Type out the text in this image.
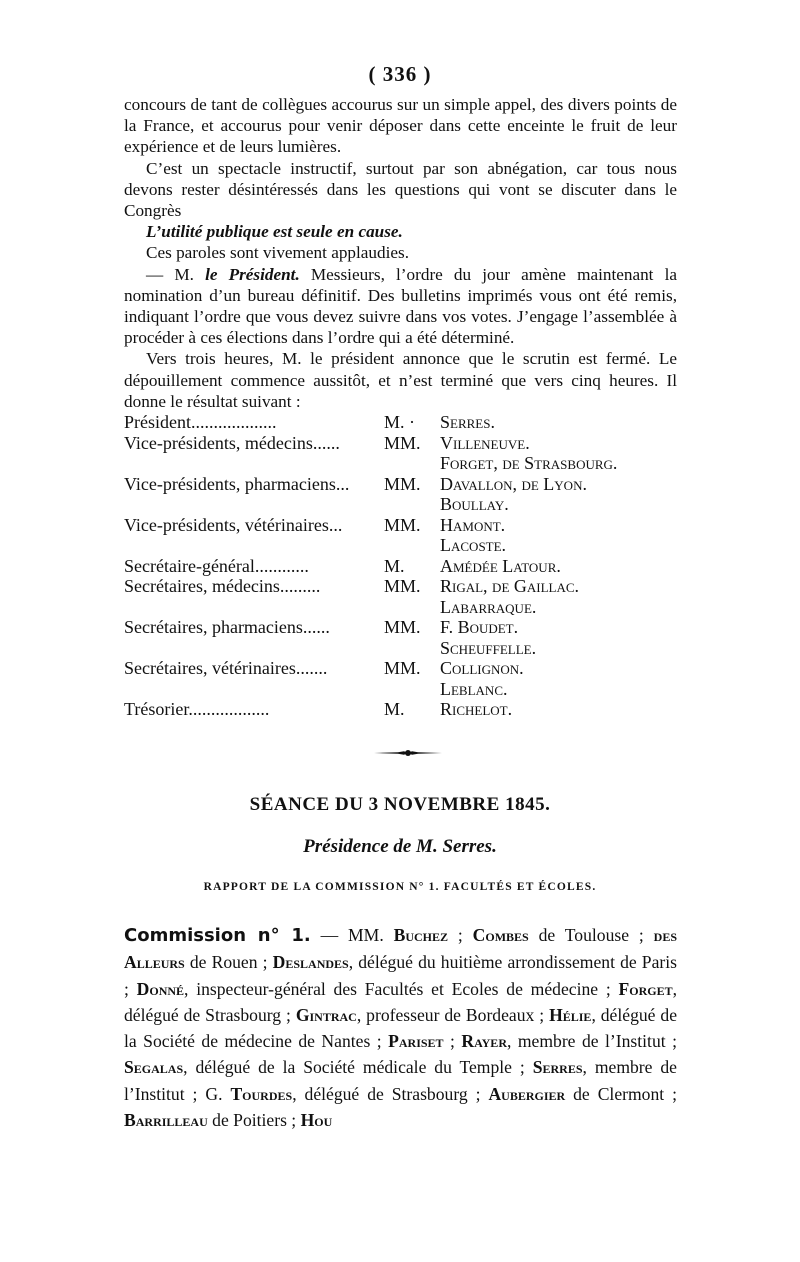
( 336 )

concours de tant de collègues accourus sur un simple appel, des divers points de la France, et accourus pour venir déposer dans cette enceinte le fruit de leur expérience et de leurs lumières.

C’est un spectacle instructif, surtout par son abnégation, car tous nous devons rester désintéressés dans les questions qui vont se discuter dans le Congrès

L’utilité publique est seule en cause.

Ces paroles sont vivement applaudies.

— M. le Président. Messieurs, l’ordre du jour amène maintenant la nomination d’un bureau définitif. Des bulletins imprimés vous ont été remis, indiquant l’ordre que vous devez suivre dans vos votes. J’engage l’assemblée à procéder à ces élections dans l’ordre qui a été déterminé.

Vers trois heures, M. le président annonce que le scrutin est fermé. Le dépouillement commence aussitôt, et n’est terminé que vers cinq heures. Il donne le résultat suivant :

Président...................	M. · Serres.
Vice-présidents, médecins...... MM. Villeneuve.
Forget, de Strasbourg.
Vice-présidents, pharmaciens... MM. Davallon, de Lyon.
Boullay.
Vice-présidents, vétérinaires... MM. Hamont.
Lacoste.
Secrétaire-général............	M. Amédée Latour.
Secrétaires, médecins.........	MM. Rigal, de Gaillac.
Labarraque.
Secrétaires, pharmaciens......	MM. F. Boudet.
Scheuffelle.
Secrétaires, vétérinaires.......	MM. Collignon.
Leblanc.
Trésorier..................	M. Richelot.
SÉANCE DU 3 NOVEMBRE 1845.
Présidence de M. Serres.
RAPPORT DE LA COMMISSION N° 1. FACULTÉS ET ÉCOLES.
Commission n° 1. — MM. Buchez ; Combes de Toulouse ; des Alleurs de Rouen ; Deslandes, délégué du huitième arrondissement de Paris ; Donné, inspecteur-général des Facultés et Ecoles de médecine ; Forget, délégué de Strasbourg ; Gintrac, professeur de Bordeaux ; Hélie, délégué de la Société de médecine de Nantes ; Pariset ; Rayer, membre de l’Institut ; Segalas, délégué de la Société médicale du Temple ; Serres, membre de l’Institut ; G. Tourdes, délégué de Strasbourg ; Aubergier de Clermont ; Barrilleau de Poitiers ; Hou
